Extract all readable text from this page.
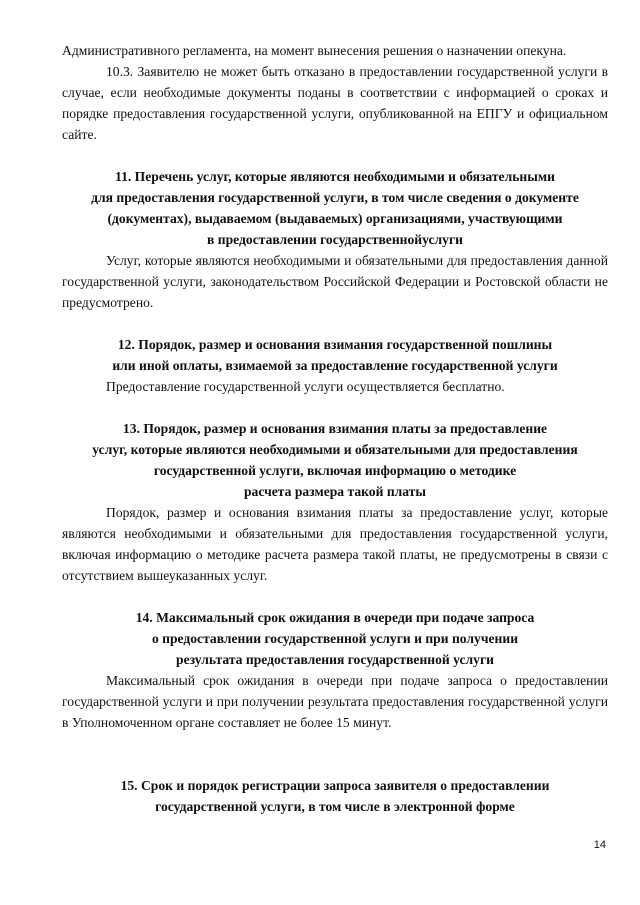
Административного регламента, на момент вынесения решения о назначении опекуна.

10.3. Заявителю не может быть отказано в предоставлении государственной услуги в случае, если необходимые документы поданы в соответствии с информацией о сроках и порядке предоставления государственной услуги, опубликованной на ЕПГУ и официальном сайте.

11. Перечень услуг, которые являются необходимыми и обязательными
для предоставления государственной услуги, в том числе сведения о документе
(документах), выдаваемом (выдаваемых) организациями, участвующими
в предоставлении государственнойуслуги

Услуг, которые являются необходимыми и обязательными для предоставления данной государственной услуги, законодательством Российской Федерации и Ростовской области не предусмотрено.

12. Порядок, размер и основания взимания государственной пошлины
или иной оплаты, взимаемой за предоставление государственной услуги

Предоставление государственной услуги осуществляется бесплатно.

13. Порядок, размер и основания взимания платы за предоставление
услуг, которые являются необходимыми и обязательными для предоставления
государственной услуги, включая информацию о методике
расчета размера такой платы

Порядок, размер и основания взимания платы за предоставление услуг, которые являются необходимыми и обязательными для предоставления государственной услуги, включая информацию о методике расчета размера такой платы, не предусмотрены в связи с отсутствием вышеуказанных услуг.

14. Максимальный срок ожидания в очереди при подаче запроса
о предоставлении государственной услуги и при получении
результата предоставления государственной услуги

Максимальный срок ожидания в очереди при подаче запроса о предоставлении государственной услуги и при получении результата предоставления государственной услуги в Уполномоченном органе составляет не более 15 минут.

15. Срок и порядок регистрации запроса заявителя о предоставлении
государственной услуги, в том числе в электронной форме
14
